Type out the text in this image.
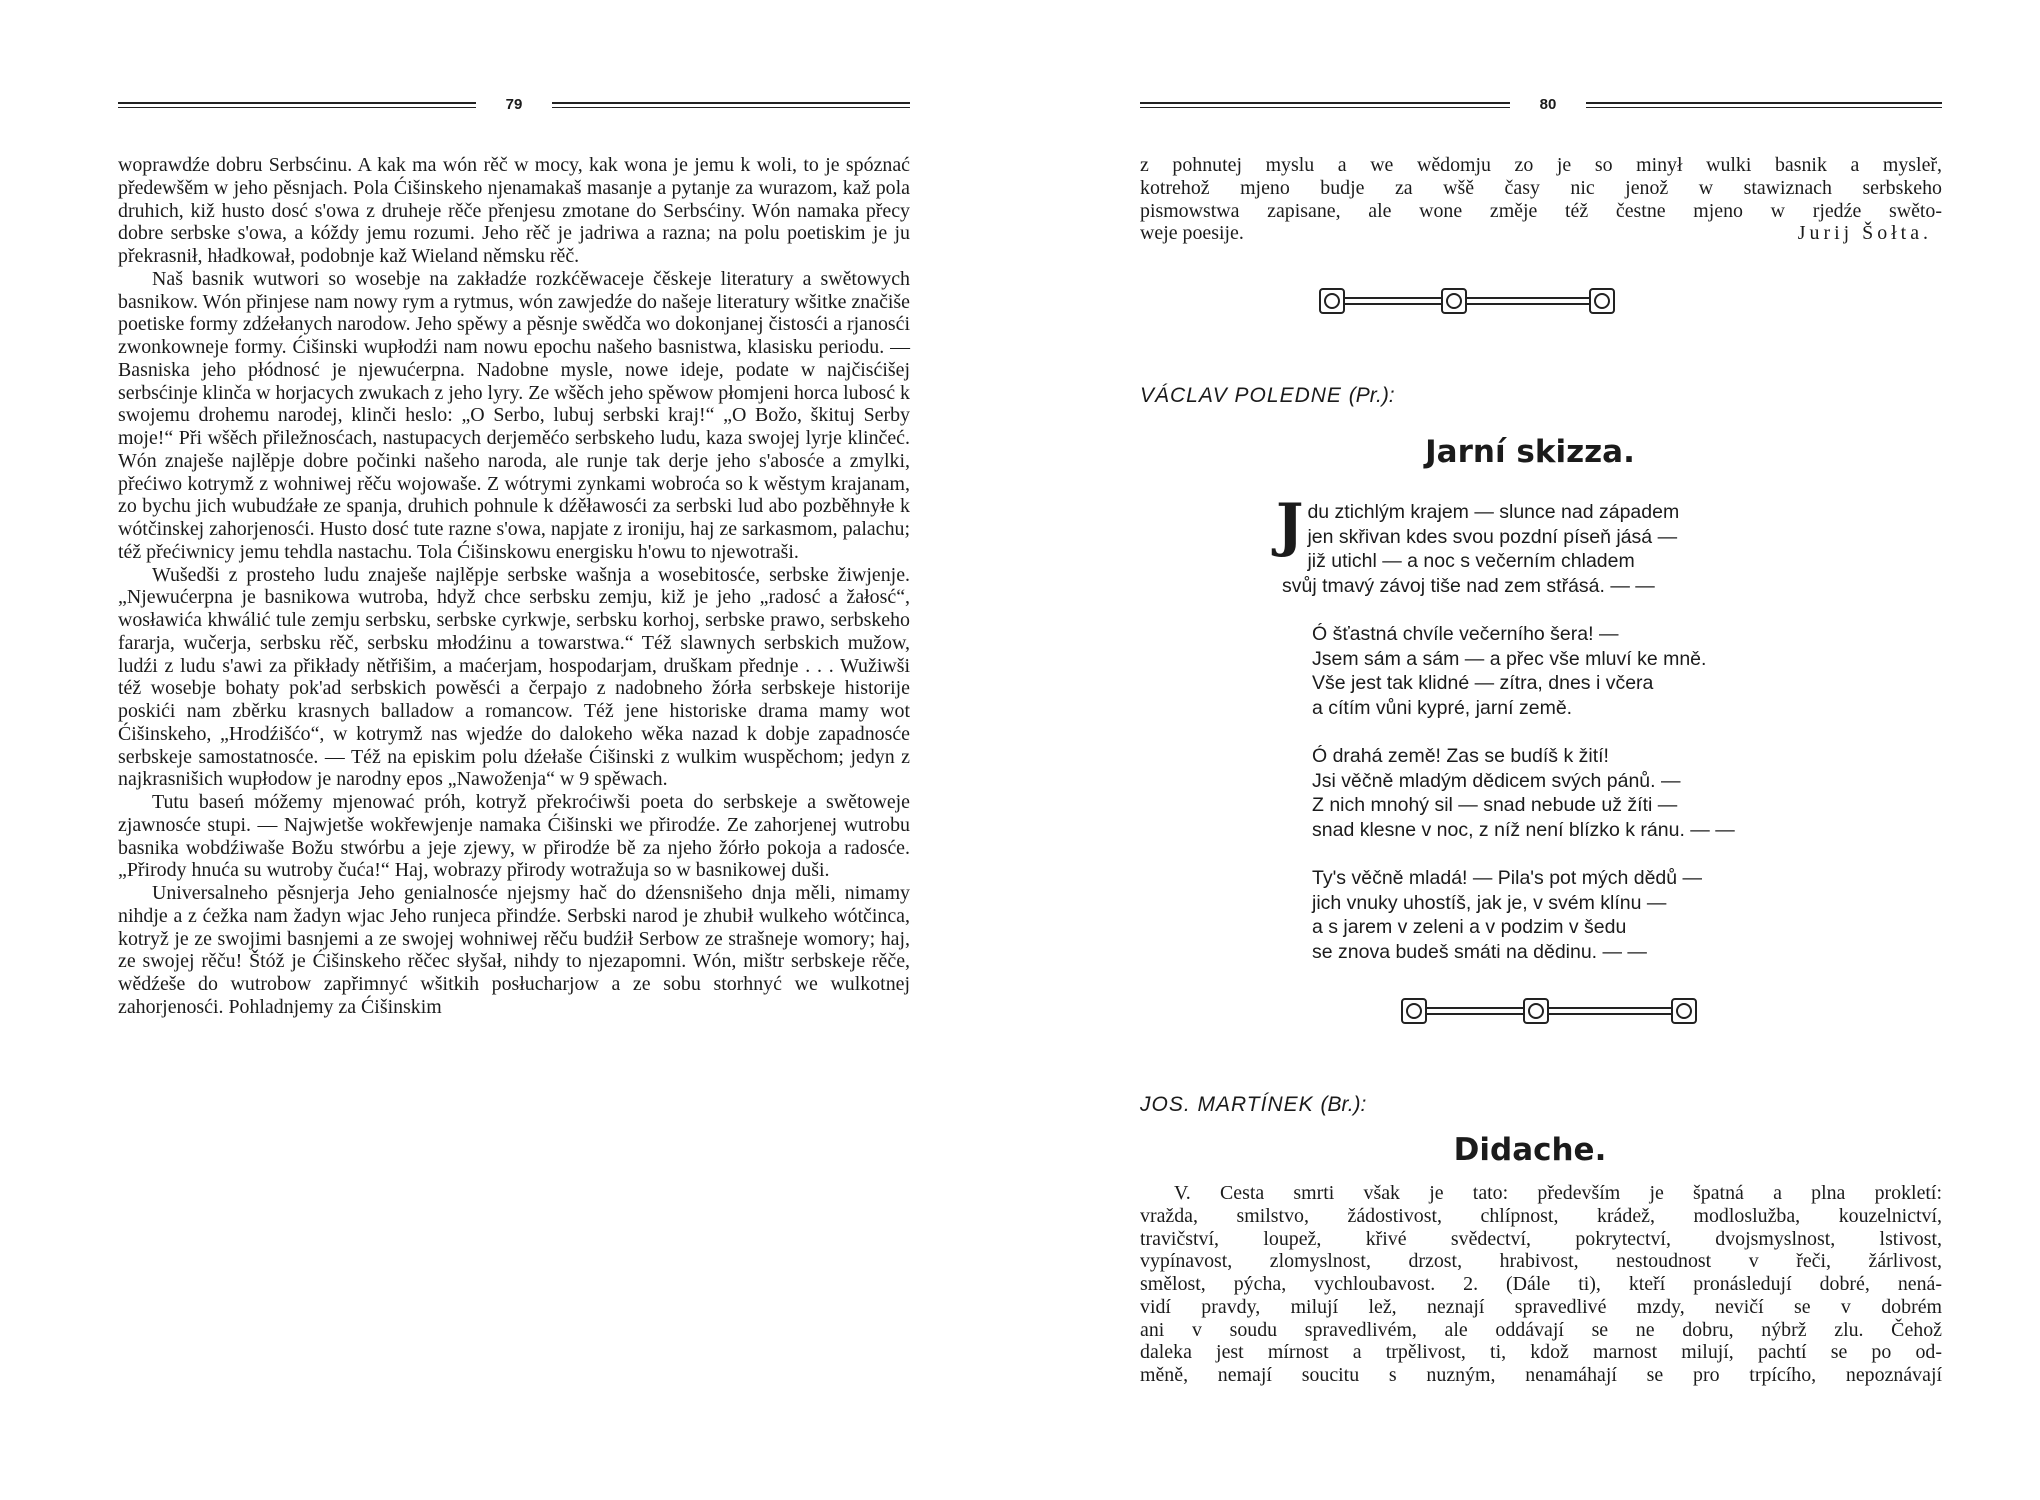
79

woprawdźe dobru Serbsćinu. A kak ma wón rěč w mocy, kak wona je jemu k woli, to je spóznać předewšěm w jeho pěsnjach. Pola Ćišinskeho njenamakaš masanje a pytanje za wurazom, kaž pola druhich, kiž husto dosć s'owa z druheje rěče přenjesu zmotane do Serbsćiny. Wón namaka přecy dobre serbske s'owa, a kóždy jemu rozumi. Jeho rěč je jadriwa a razna; na polu poetiskim je ju překrasnił, hładkował, podobnje kaž Wieland němsku rěč.

Naš basnik wutwori so wosebje na zakładźe rozkćěwaceje čěskeje literatury a swětowych basnikow. Wón přinjese nam nowy rym a rytmus, wón zawjedźe do našeje literatury wšitke značiše poetiske formy zdźełanych narodow. Jeho spěwy a pěsnje swědča wo dokonjanej čistosći a rjanosći zwonkowneje formy. Ćišinski wupłodźi nam nowu epochu našeho basnistwa, klasisku periodu. — Basniska jeho płódnosć je njewućerpna. Nadobne mysle, nowe ideje, podate w najčisćišej serbsćinje klinča w horjacych zwukach z jeho lyry. Ze wšěch jeho spěwow płomjeni horca lubosć k swojemu drohemu narodej, klinči heslo: „O Serbo, lubuj serbski kraj!“ „O Božo, škituj Serby moje!“ Při wšěch přiležnosćach, nastupacych derjeměćo serbskeho ludu, kaza swojej lyrje klinčeć. Wón znaješe najlěpje dobre počinki našeho naroda, ale runje tak derje jeho s'abosće a zmylki, přećiwo kotrymž z wohniwej rěču wojowaše. Z wótrymi zynkami wobroća so k wěstym krajanam, zo bychu jich wubudźałe ze spanja, druhich pohnule k dźěławosći za serbski lud abo pozběhnyłe k wótčinskej zahorjenosći. Husto dosć tute razne s'owa, napjate z ironiju, haj ze sarkasmom, palachu; též přećiwnicy jemu tehdla nastachu. Tola Ćišinskowu energisku h'owu to njewotraši.

Wušedši z prosteho ludu znaješe najlěpje serbske wašnja a wosebitosće, serbske žiwjenje. „Njewućerpna je basnikowa wutroba, hdyž chce serbsku zemju, kiž je jeho „radosć a žałosć“, wosławića khwálić tule zemju serbsku, serbske cyrkwje, serbsku korhoj, serbske prawo, serbskeho fararja, wučerja, serbsku rěč, serbsku młodźinu a towarstwa.“ Též slawnych serbskich mužow, ludźi z ludu s'awi za přikłady nětřišim, a maćerjam, hospodarjam, druškam přednje . . . Wužiwši též wosebje bohaty pok'ad serbskich powěsći a čerpajo z nadobneho žórła serbskeje historije poskići nam zběrku krasnych balladow a romancow. Též jene historiske drama mamy wot Ćišinskeho, „Hrodźišćo“, w kotrymž nas wjedźe do dalokeho wěka nazad k dobje zapadnosće serbskeje samostatnosće. — Též na episkim polu dźełaše Ćišinski z wulkim wuspěchom; jedyn z najkrasnišich wupłodow je narodny epos „Nawoženja“ w 9 spěwach.

Tutu baseń móžemy mjenować próh, kotryž překroćiwši poeta do serbskeje a swětoweje zjawnosće stupi. — Najwjetše wokřewjenje namaka Ćišinski we přirodźe. Ze zahorjenej wutrobu basnika wobdźiwaše Božu stwórbu a jeje zjewy, w přirodźe bě za njeho žórło pokoja a radosće. „Přirody hnuća su wutroby čuća!“ Haj, wobrazy přirody wotražuja so w basnikowej duši.

Universalneho pěsnjerja Jeho genialnosće njejsmy hač do dźensnišeho dnja měli, nimamy nihdje a z ćežka nam žadyn wjac Jeho runjeca přindźe. Serbski narod je zhubił wulkeho wótčinca, kotryž je ze swojimi basnjemi a ze swojej wohniwej rěču budźił Serbow ze strašneje womory; haj, ze swojej rěču! Štóž je Ćišinskeho rěčec słyšał, nihdy to njezapomni. Wón, mištr serbskeje rěče, wědźeše do wutrobow zapřimnyć wšitkih posłucharjow a ze sobu storhnyć we wulkotnej zahorjenosći. Pohladnjemy za Ćišinskim

80
z pohnutej myslu a we wědomju zo je so minył wulki basnik a mysleř,
kotrehož mjeno budje za wšě časy nic jenož w stawiznach serbskeho
pismowstwa zapisane, ale wone změje též čestne mjeno w rjedźe swěto-
weje poesije.	Jurij Šołta.
VÁCLAV POLEDNE (Pr.):
Jarní skizza.
J du ztichlým krajem — slunce nad západem
jen skřivan kdes svou pozdní píseň jásá —
již utichl — a noc s večerním chladem
svůj tmavý závoj tiše nad zem střásá. — —
Ó šťastná chvíle večerního šera! —
Jsem sám a sám — a přec vše mluví ke mně.
Vše jest tak klidné — zítra, dnes i včera
a cítím vůni kypré, jarní země.
Ó drahá země! Zas se budíš k žití!
Jsi věčně mladým dědicem svých pánů. —
Z nich mnohý sil — snad nebude už žíti —
snad klesne v noc, z níž není blízko k ránu. — —
Ty's věčně mladá! — Pila's pot mých dědů —
jich vnuky uhostíš, jak je, v svém klínu —
a s jarem v zeleni a v podzim v šedu
se znova budeš smáti na dědinu. — —
JOS. MARTÍNEK (Br.):
Didache.
V. Cesta smrti však je tato: především je špatná a plna prokletí:
vražda, smilstvo, žádostivost, chlípnost, krádež, modloslužba, kouzelnictví,
travičství, loupež, křivé svědectví, pokrytectví, dvojsmyslnost, lstivost,
vypínavost, zlomyslnost, drzost, hrabivost, nestoudnost v řeči, žárlivost,
smělost, pýcha, vychloubavost. 2. (Dále ti), kteří pronásledují dobré, nená-
vidí pravdy, milují lež, neznají spravedlivé mzdy, nevičí se v dobrém
ani v soudu spravedlivém, ale oddávají se ne dobru, nýbrž zlu. Čehož
daleka jest mírnost a trpělivost, ti, kdož marnost milují, pachtí se po od-
měně, nemají soucitu s nuzným, nenamáhají se pro trpícího, nepoznávají
